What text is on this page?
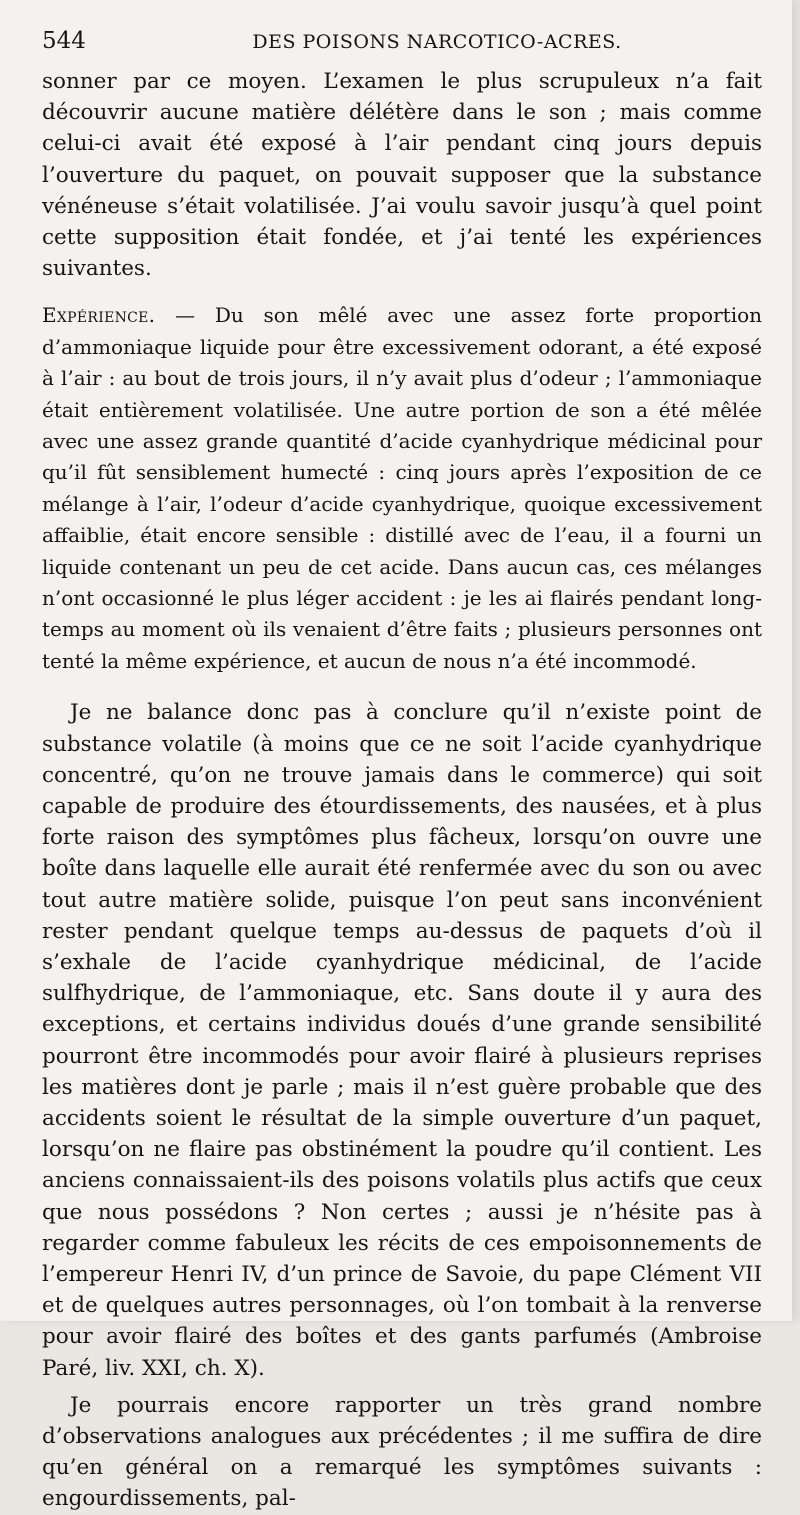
544	DES POISONS NARCOTICO-ACRES.

sonner par ce moyen. L’examen le plus scrupuleux n’a fait découvrir aucune matière délétère dans le son ; mais comme celui-ci avait été exposé à l’air pendant cinq jours depuis l’ouverture du paquet, on pouvait supposer que la substance vénéneuse s’était volatilisée. J’ai voulu savoir jusqu’à quel point cette supposition était fondée, et j’ai tenté les expériences suivantes.

Expérience. — Du son mêlé avec une assez forte proportion d’ammoniaque liquide pour être excessivement odorant, a été exposé à l’air : au bout de trois jours, il n’y avait plus d’odeur ; l’ammoniaque était entièrement volatilisée. Une autre portion de son a été mêlée avec une assez grande quantité d’acide cyanhydrique médicinal pour qu’il fût sensiblement humecté : cinq jours après l’exposition de ce mélange à l’air, l’odeur d’acide cyanhydrique, quoique excessivement affaiblie, était encore sensible : distillé avec de l’eau, il a fourni un liquide contenant un peu de cet acide. Dans aucun cas, ces mélanges n’ont occasionné le plus léger accident : je les ai flairés pendant long-temps au moment où ils venaient d’être faits ; plusieurs personnes ont tenté la même expérience, et aucun de nous n’a été incommodé.

Je ne balance donc pas à conclure qu’il n’existe point de substance volatile (à moins que ce ne soit l’acide cyanhydrique concentré, qu’on ne trouve jamais dans le commerce) qui soit capable de produire des étourdissements, des nausées, et à plus forte raison des symptômes plus fâcheux, lorsqu’on ouvre une boîte dans laquelle elle aurait été renfermée avec du son ou avec tout autre matière solide, puisque l’on peut sans inconvénient rester pendant quelque temps au-dessus de paquets d’où il s’exhale de l’acide cyanhydrique médicinal, de l’acide sulfhydrique, de l’ammoniaque, etc. Sans doute il y aura des exceptions, et certains individus doués d’une grande sensibilité pourront être incommodés pour avoir flairé à plusieurs reprises les matières dont je parle ; mais il n’est guère probable que des accidents soient le résultat de la simple ouverture d’un paquet, lorsqu’on ne flaire pas obstinément la poudre qu’il contient. Les anciens connaissaient-ils des poisons volatils plus actifs que ceux que nous possédons ? Non certes ; aussi je n’hésite pas à regarder comme fabuleux les récits de ces empoisonnements de l’empereur Henri IV, d’un prince de Savoie, du pape Clément VII et de quelques autres personnages, où l’on tombait à la renverse pour avoir flairé des boîtes et des gants parfumés (Ambroise Paré, liv. XXI, ch. X).

Je pourrais encore rapporter un très grand nombre d’observations analogues aux précédentes ; il me suffira de dire qu’en général on a remarqué les symptômes suivants : engourdissements, pal-
